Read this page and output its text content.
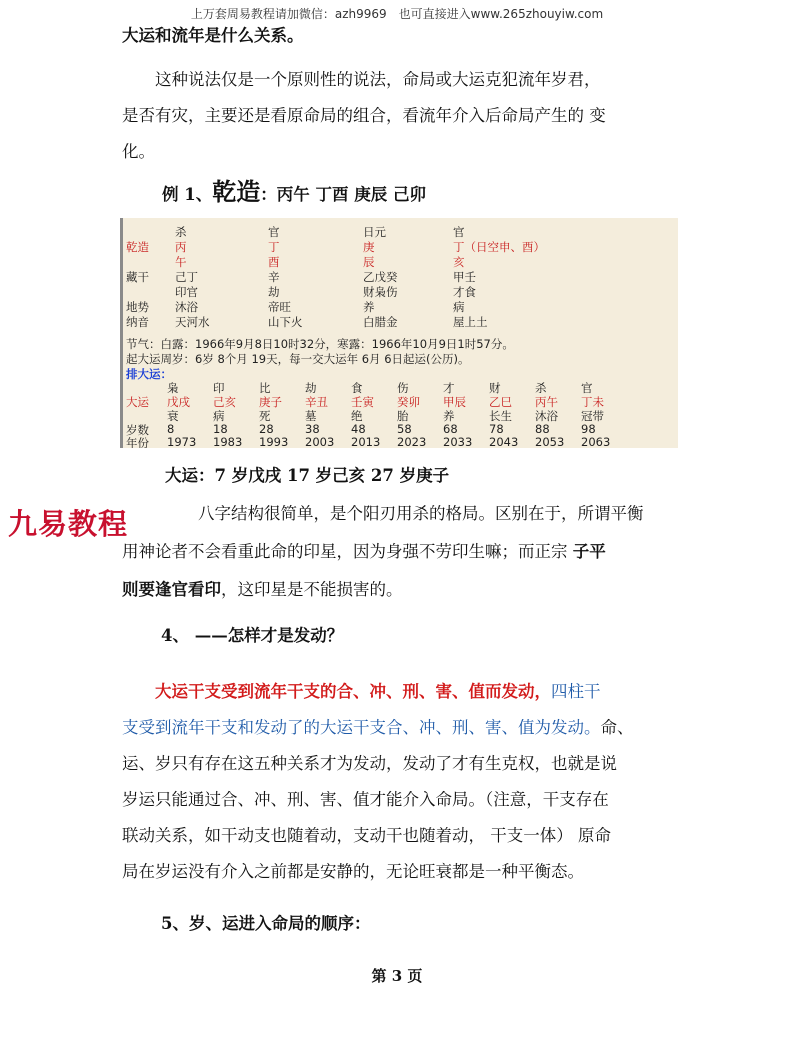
上万套周易教程请加微信：azh9969　也可直接进入www.265zhouyiw.com
九易教程
大运和流年是什么关系。
　　这种说法仅是一个原则性的说法，命局或大运克犯流年岁君，
是否有灾，主要还是看原命局的组合，看流年介入后命局产生的 变
化。
例 1、乾造：丙午 丁酉 庚辰 己卯
杀	官	日元	官
乾造 丙	丁	庚	丁（日空申、酉）
午	酉	辰	亥
藏干 己丁	辛	乙戊癸	甲壬
印官	劫	财枭伤	才食
地势 沐浴	帝旺	养	病
纳音 天河水	山下火	白腊金	屋上土
节气：白露：1966年9月8日10时32分，寒露：1966年10月9日1时57分。
起大运周岁：6岁 8个月 19天，每一交大运年 6月 6日起运(公历)。
排大运：
枭	印	比	劫	食	伤	才	财	杀	官
大运 戊戌 己亥 庚子 辛丑 壬寅 癸卯 甲辰 乙巳 丙午 丁未
衰	病	死	墓	绝	胎	养	长生 沐浴 冠带
岁数 8	18	28	38	48	58	68	78	88	98
年份 1973 1983 1993 2003 2013 2023 2033 2043 2053 2063
大运：7 岁戊戌 17 岁己亥 27 岁庚子
　　八字结构很简单，是个阳刃用杀的格局。区别在于，所谓平衡
用神论者不会看重此命的印星，因为身强不劳印生嘛；而正宗 子平
则要逢官看印，这印星是不能损害的。
　　4、 ——怎样才是发动？
　　大运干支受到流年干支的合、冲、刑、害、值而发动，四柱干
支受到流年干支和发动了的大运干支合、冲、刑、害、值为发动。命、
运、岁只有存在这五种关系才为发动，发动了才有生克权，也就是说
岁运只能通过合、冲、刑、害、值才能介入命局。（注意，干支存在
联动关系，如干动支也随着动，支动干也随着动， 干支一体） 原命
局在岁运没有介入之前都是安静的，无论旺衰都是一种平衡态。
　　5、岁、运进入命局的顺序：
第 3 页
